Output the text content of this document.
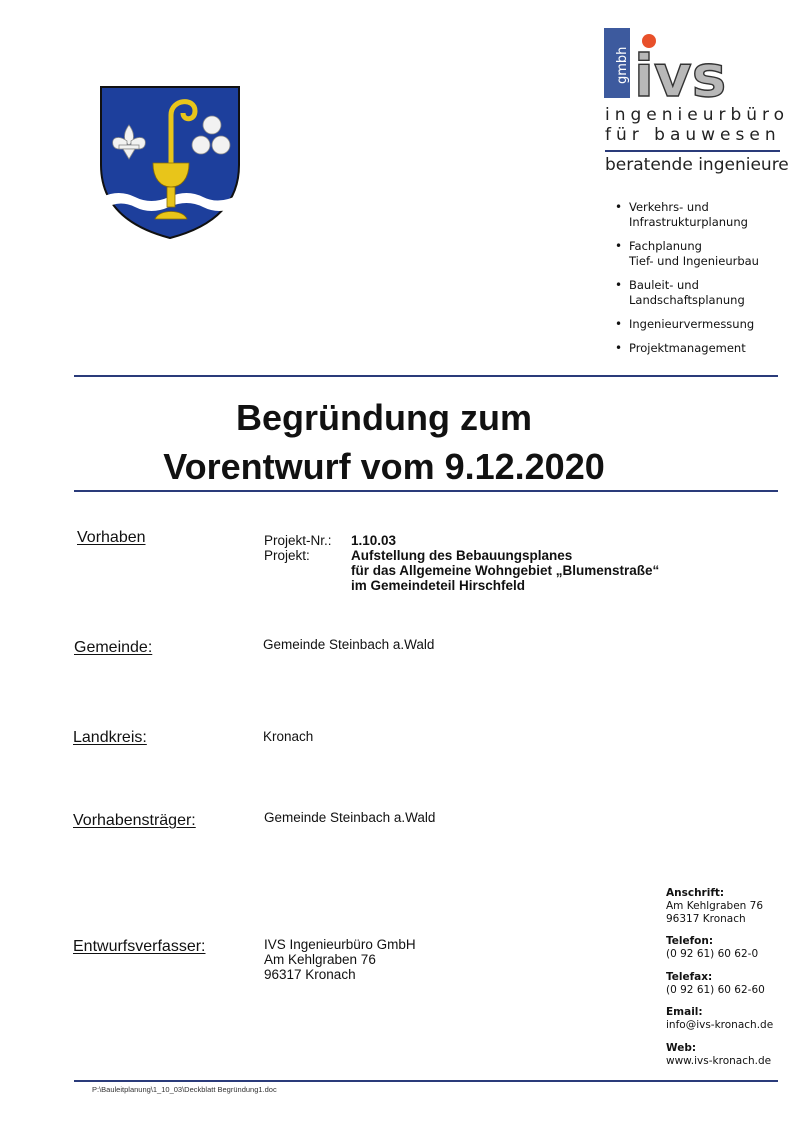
gmbh ivs
ingenieurbüro
für bauwesen
beratende ingenieure
• Verkehrs- und
Infrastrukturplanung
• Fachplanung
Tief- und Ingenieurbau
• Bauleit- und
Landschaftsplanung
• Ingenieurvermessung
• Projektmanagement
Begründung zum
Vorentwurf vom 9.12.2020
Vorhaben	Projekt-Nr.: 1.10.03
Projekt:	Aufstellung des Bebauungsplanes
für das Allgemeine Wohngebiet „Blumenstraße“
im Gemeindeteil Hirschfeld
Gemeinde:	Gemeinde Steinbach a.Wald
Landkreis:	Kronach
Vorhabensträger:	Gemeinde Steinbach a.Wald
Entwurfsverfasser:	IVS Ingenieurbüro GmbH
Am Kehlgraben 76
96317 Kronach
Anschrift:
Am Kehlgraben 76
96317 Kronach
Telefon:
(0 92 61) 60 62-0
Telefax:
(0 92 61) 60 62-60
Email:
info@ivs-kronach.de
Web:
www.ivs-kronach.de
P:\Bauleitplanung\1_10_03\Deckblatt Begründung1.doc
